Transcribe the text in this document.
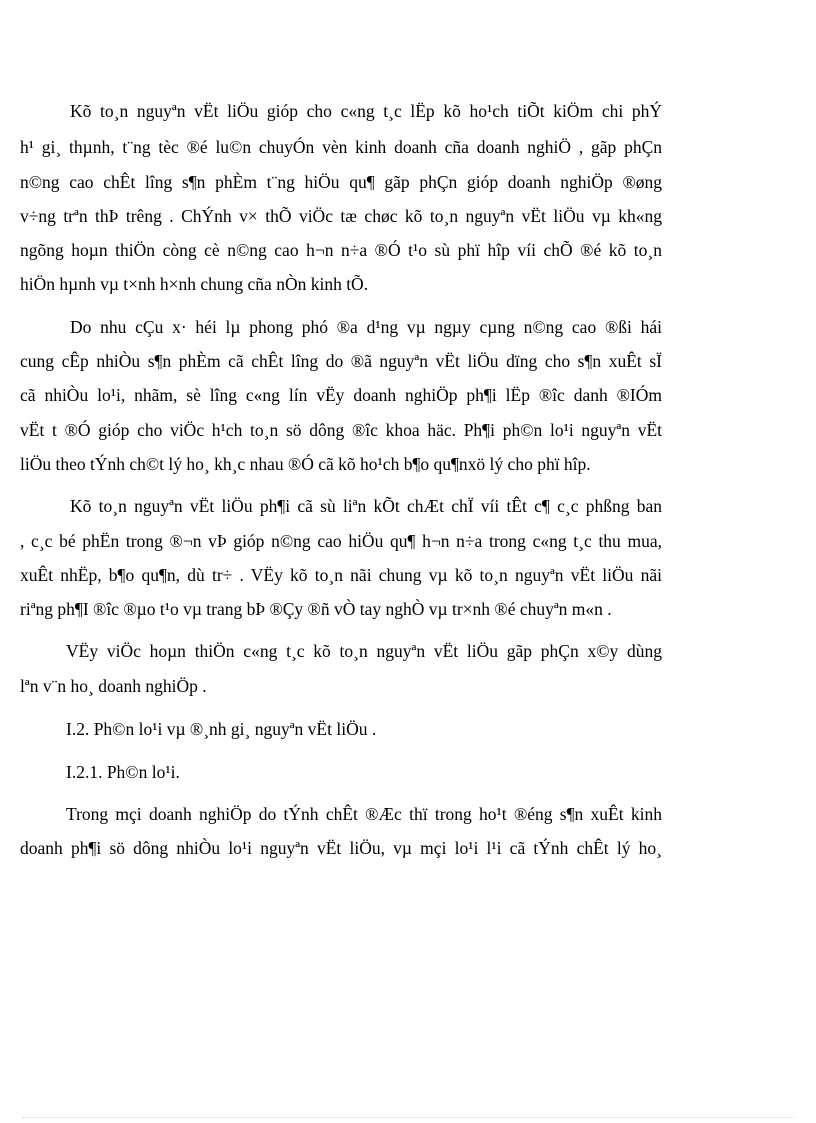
Kõ to¸n nguyªn vËt liÖu gióp cho c«ng t¸c lËp kõ ho¹ch tiÕt kiÖm chi phÝ
h¹ gi¸ thµnh, t¨ng tèc ®é lu©n chuyÓn vèn kinh doanh cña doanh nghiÖ , gãp phÇn
n©ng cao chÊt lîng s¶n phÈm t¨ng hiÖu qu¶ gãp phÇn gióp doanh nghiÖp ®øng
v÷ng trªn thÞ trêng . ChÝnh v× thÕ viÖc tæ chøc kõ to¸n nguyªn vËt liÖu vµ kh«ng
ngõng hoµn thiÖn còng cè n©ng cao h¬n n÷a ®Ó t¹o sù phï hîp víi chÕ ®é kõ to¸n
hiÖn hµnh vµ t×nh h×nh chung cña nÒn kinh tÕ.
Do nhu cÇu x· héi lµ phong phó ®a d¹ng vµ ngµy cµng n©ng cao ®ßi hái
cung cÊp nhiÒu s¶n phÈm cã chÊt lîng do ®ã nguyªn vËt liÖu dïng cho s¶n xuÊt sÏ
cã nhiÒu lo¹i, nhãm, sè lîng c«ng lín vËy doanh nghiÖp ph¶i lËp ®îc danh ®IÓm
vËt t ®Ó gióp cho viÖc h¹ch to¸n sö dông ®îc khoa häc. Ph¶i ph©n lo¹i nguyªn vËt
liÖu theo tÝnh ch©t lý ho¸ kh¸c nhau ®Ó cã kõ ho¹ch b¶o qu¶nxö lý cho phï hîp.
Kõ to¸n nguyªn vËt liÖu ph¶i cã sù liªn kÕt chÆt chÏ víi tÊt c¶ c¸c phßng ban
, c¸c bé phËn trong ®¬n vÞ gióp n©ng cao hiÖu qu¶ h¬n n÷a trong c«ng t¸c thu mua,
xuÊt nhËp, b¶o qu¶n, dù tr÷ . VËy kõ to¸n nãi chung vµ kõ to¸n nguyªn vËt liÖu nãi
riªng ph¶I ®îc ®µo t¹o vµ trang bÞ ®Çy ®ñ vÒ tay nghÒ vµ tr×nh ®é chuyªn m«n .
VËy viÖc hoµn thiÖn c«ng t¸c kõ to¸n nguyªn vËt liÖu gãp phÇn x©y dùng
lªn v¨n ho¸ doanh nghiÖp .
I.2. Ph©n lo¹i vµ ®¸nh gi¸ nguyªn vËt liÖu .
I.2.1. Ph©n lo¹i.
Trong mçi doanh nghiÖp do tÝnh chÊt ®Æc thï trong ho¹t ®éng s¶n xuÊt kinh
doanh ph¶i sö dông nhiÒu lo¹i nguyªn vËt liÖu, vµ mçi lo¹i l¹i cã tÝnh chÊt lý ho¸
